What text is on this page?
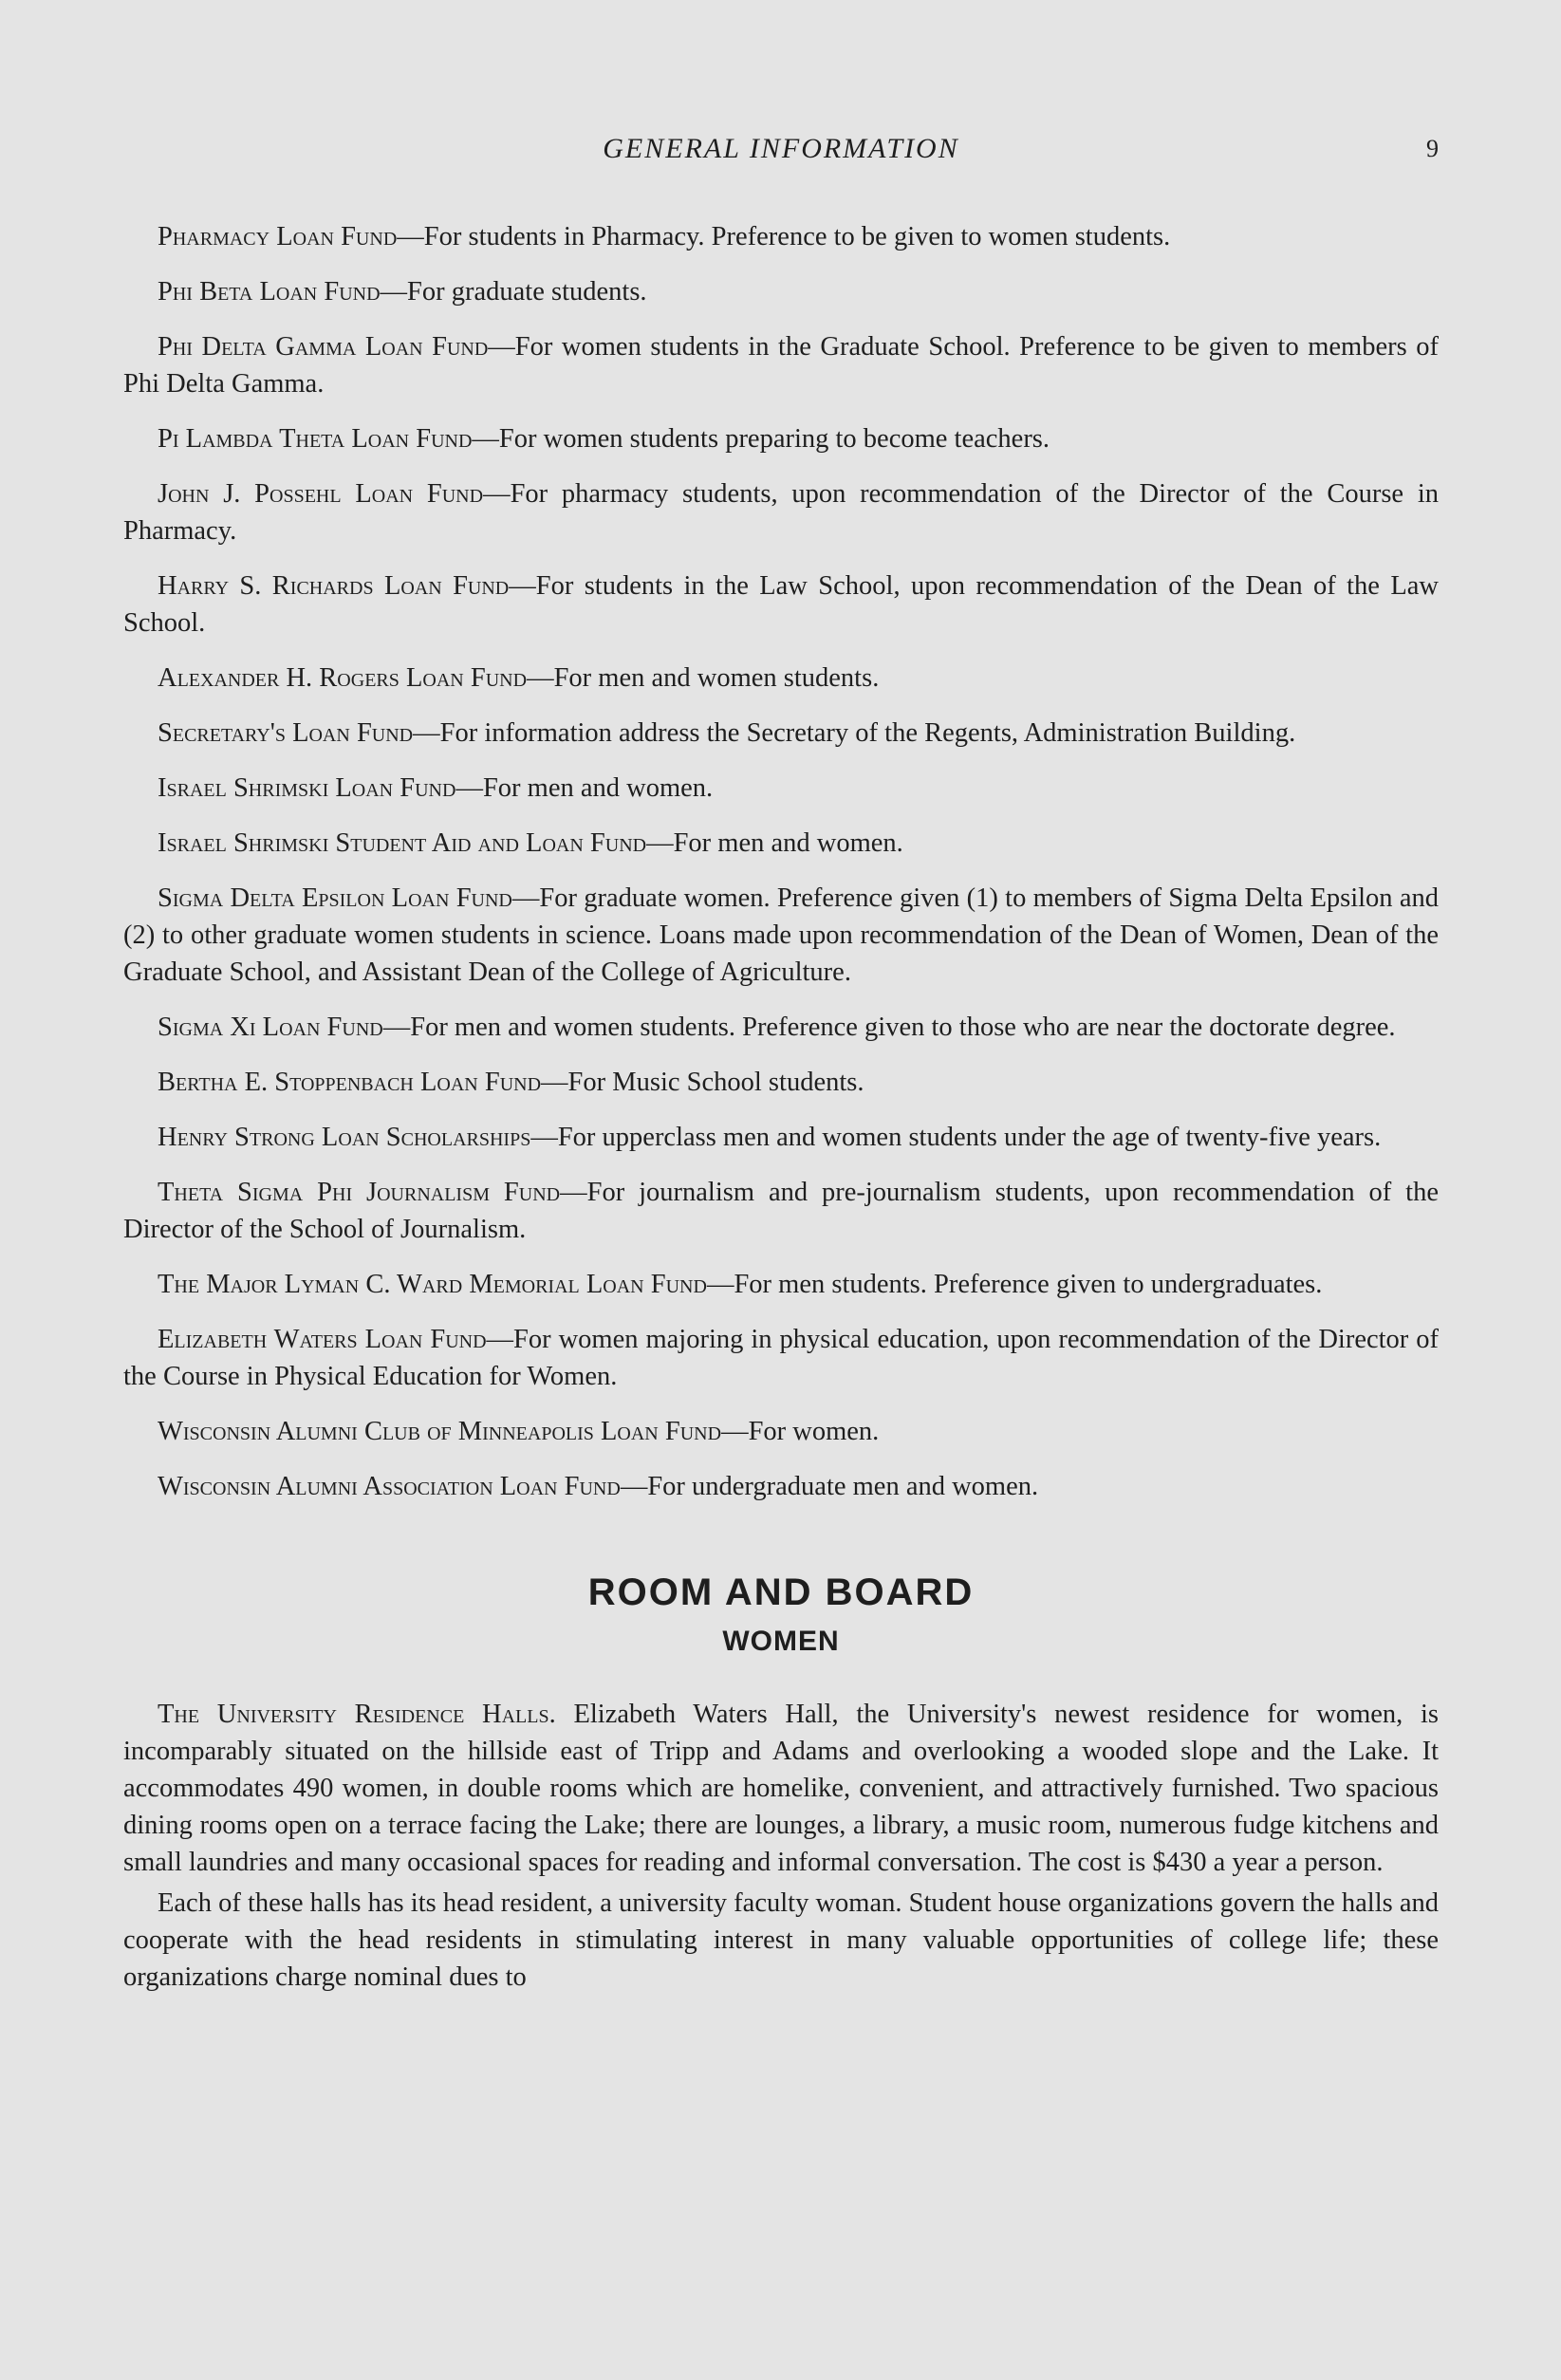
GENERAL INFORMATION	9

Pharmacy Loan Fund—For students in Pharmacy. Preference to be given to women students.

Phi Beta Loan Fund—For graduate students.

Phi Delta Gamma Loan Fund—For women students in the Graduate School. Preference to be given to members of Phi Delta Gamma.

Pi Lambda Theta Loan Fund—For women students preparing to become teachers.

John J. Possehl Loan Fund—For pharmacy students, upon recommendation of the Director of the Course in Pharmacy.

Harry S. Richards Loan Fund—For students in the Law School, upon recommendation of the Dean of the Law School.

Alexander H. Rogers Loan Fund—For men and women students.

Secretary's Loan Fund—For information address the Secretary of the Regents, Administration Building.

Israel Shrimski Loan Fund—For men and women.

Israel Shrimski Student Aid and Loan Fund—For men and women.

Sigma Delta Epsilon Loan Fund—For graduate women. Preference given (1) to members of Sigma Delta Epsilon and (2) to other graduate women students in science. Loans made upon recommendation of the Dean of Women, Dean of the Graduate School, and Assistant Dean of the College of Agriculture.

Sigma Xi Loan Fund—For men and women students. Preference given to those who are near the doctorate degree.

Bertha E. Stoppenbach Loan Fund—For Music School students.

Henry Strong Loan Scholarships—For upperclass men and women students under the age of twenty-five years.

Theta Sigma Phi Journalism Fund—For journalism and pre-journalism students, upon recommendation of the Director of the School of Journalism.

The Major Lyman C. Ward Memorial Loan Fund—For men students. Preference given to undergraduates.

Elizabeth Waters Loan Fund—For women majoring in physical education, upon recommendation of the Director of the Course in Physical Education for Women.

Wisconsin Alumni Club of Minneapolis Loan Fund—For women.

Wisconsin Alumni Association Loan Fund—For undergraduate men and women.

ROOM AND BOARD
WOMEN

The University Residence Halls. Elizabeth Waters Hall, the University's newest residence for women, is incomparably situated on the hillside east of Tripp and Adams and overlooking a wooded slope and the Lake. It accommodates 490 women, in double rooms which are homelike, convenient, and attractively furnished. Two spacious dining rooms open on a terrace facing the Lake; there are lounges, a library, a music room, numerous fudge kitchens and small laundries and many occasional spaces for reading and informal conversation. The cost is $430 a year a person.

Each of these halls has its head resident, a university faculty woman. Student house organizations govern the halls and cooperate with the head residents in stimulating interest in many valuable opportunities of college life; these organizations charge nominal dues to
